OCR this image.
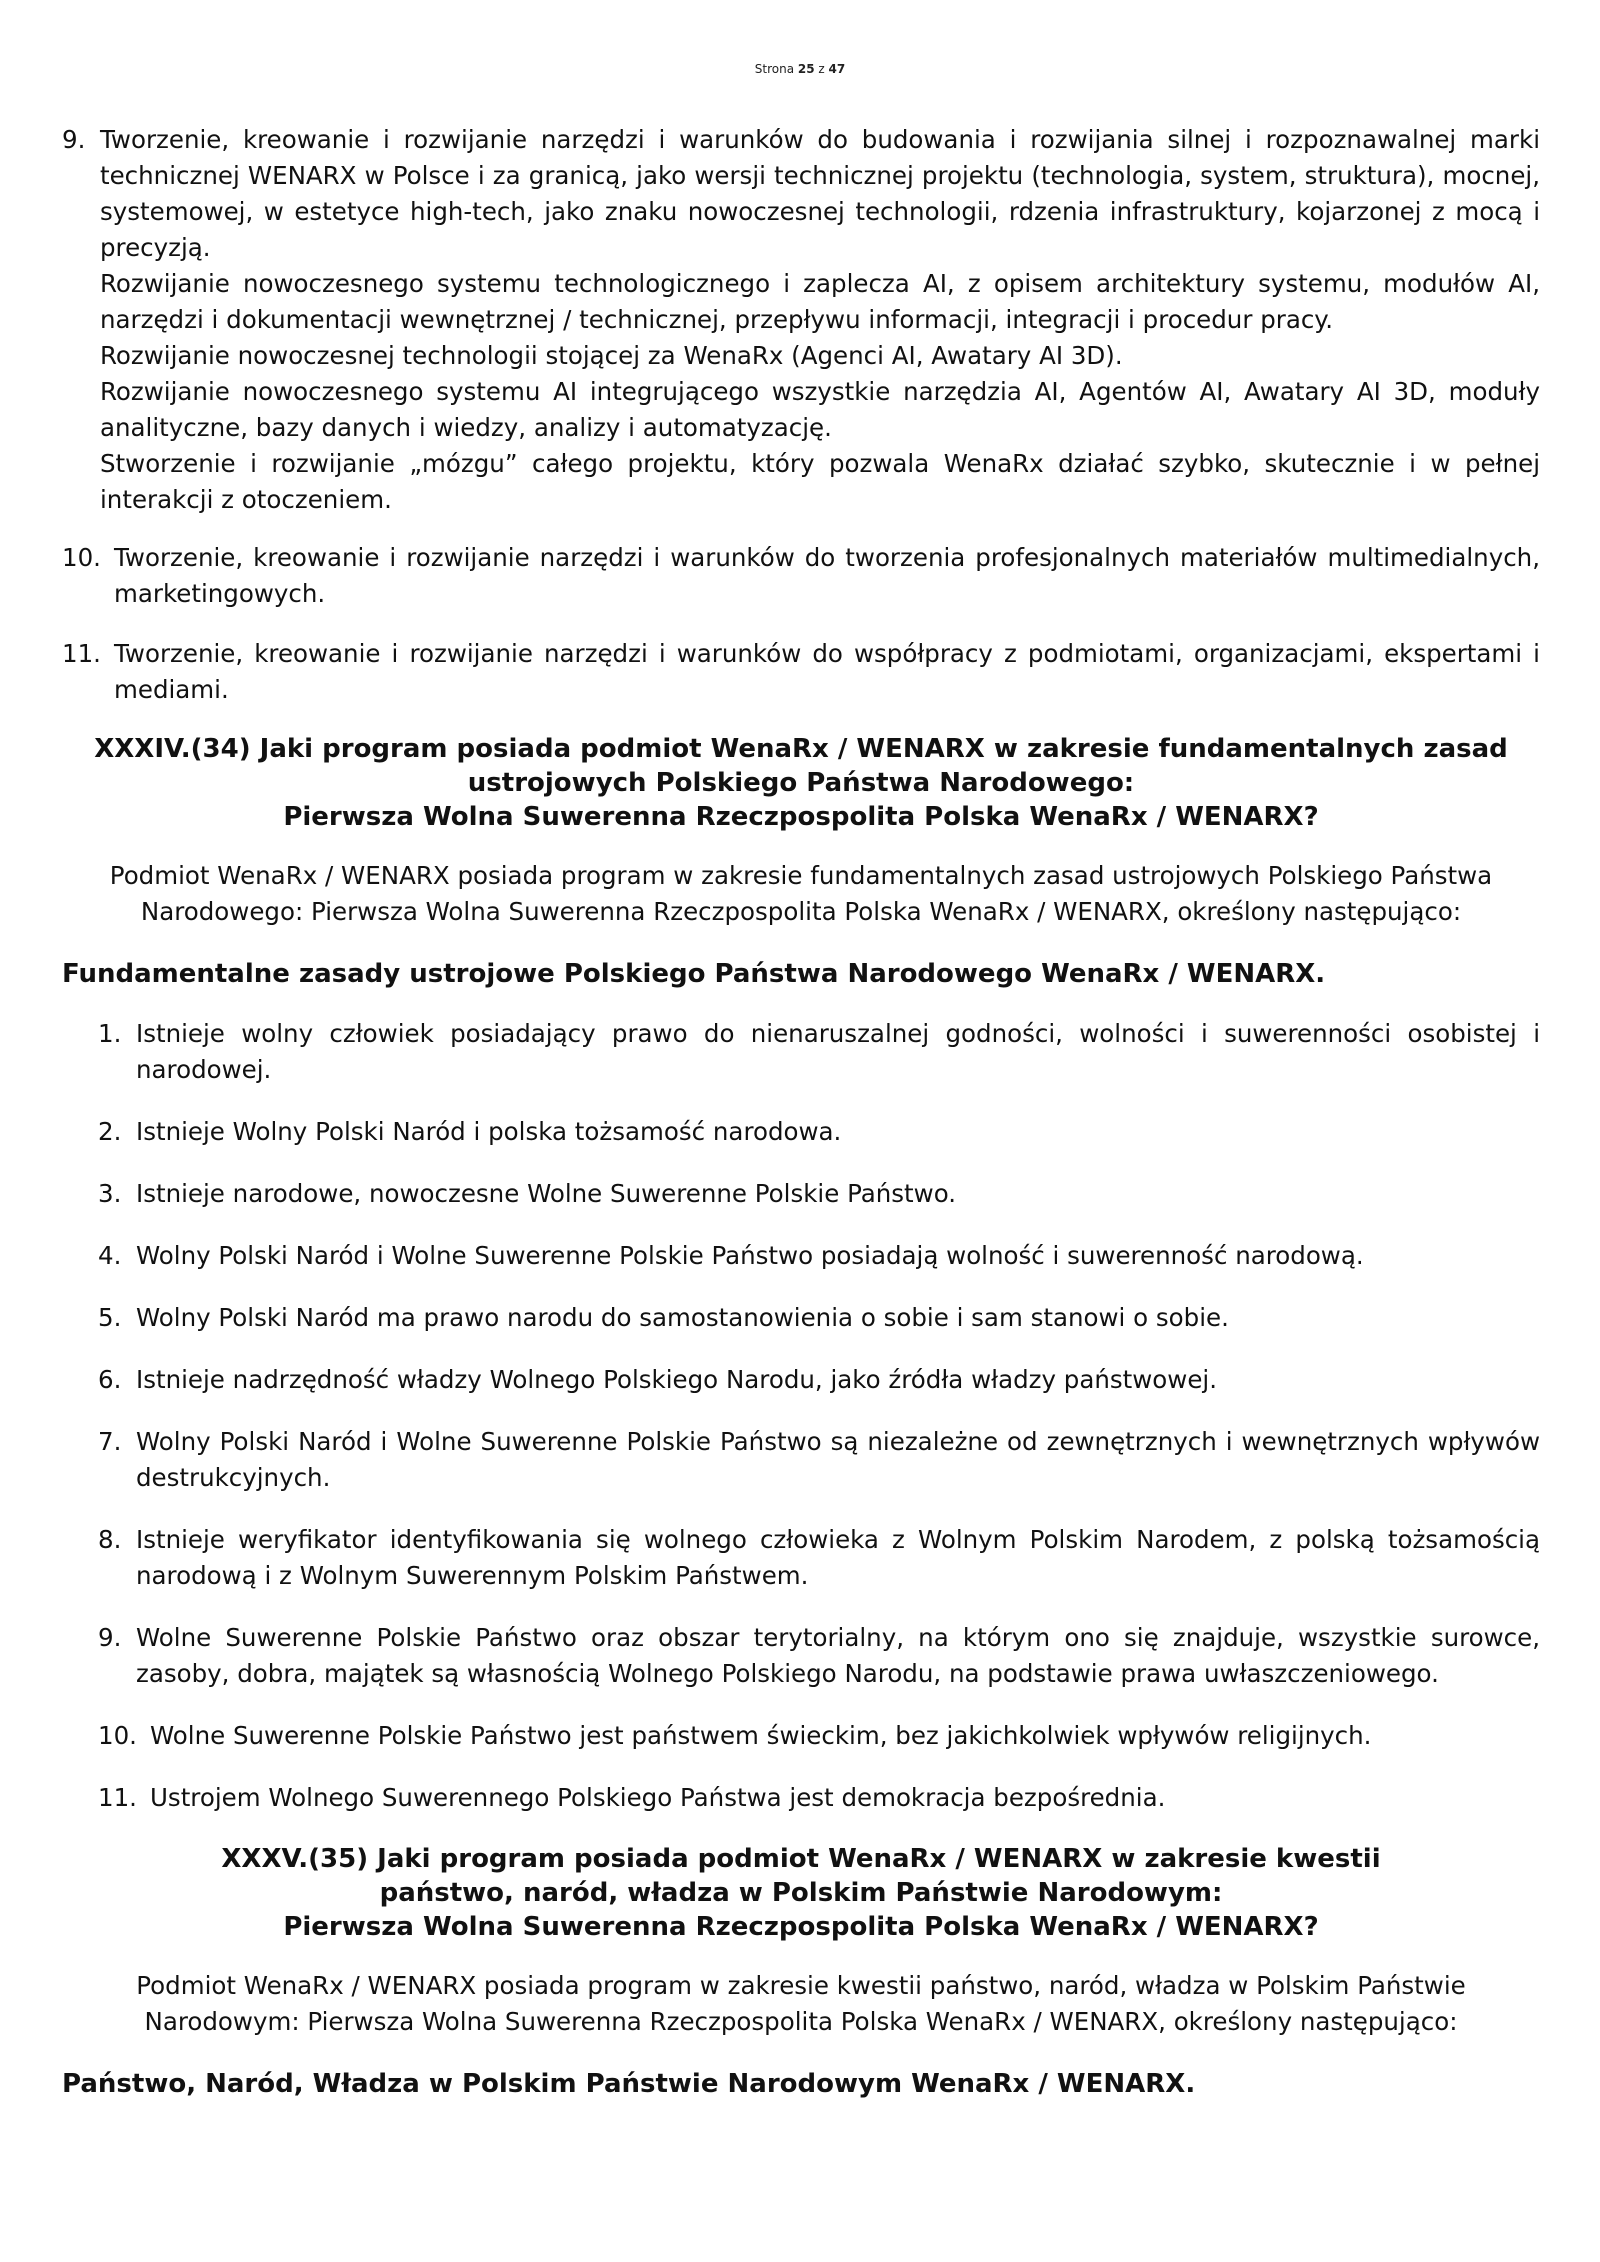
Strona 25 z 47
9. Tworzenie, kreowanie i rozwijanie narzędzi i warunków do budowania i rozwijania silnej i rozpoznawalnej marki technicznej WENARX w Polsce i za granicą, jako wersji technicznej projektu (technologia, system, struktura), mocnej, systemowej, w estetyce high-tech, jako znaku nowoczesnej technologii, rdzenia infrastruktury, kojarzonej z mocą i precyzją.

Rozwijanie nowoczesnego systemu technologicznego i zaplecza AI, z opisem architektury systemu, modułów AI, narzędzi i dokumentacji wewnętrznej / technicznej, przepływu informacji, integracji i procedur pracy.

Rozwijanie nowoczesnej technologii stojącej za WenaRx (Agenci AI, Awatary AI 3D).

Rozwijanie nowoczesnego systemu AI integrującego wszystkie narzędzia AI, Agentów AI, Awatary AI 3D, moduły analityczne, bazy danych i wiedzy, analizy i automatyzację.

Stworzenie i rozwijanie „mózgu” całego projektu, który pozwala WenaRx działać szybko, skutecznie i w pełnej interakcji z otoczeniem.

10. Tworzenie, kreowanie i rozwijanie narzędzi i warunków do tworzenia profesjonalnych materiałów multimedialnych, marketingowych.

11. Tworzenie, kreowanie i rozwijanie narzędzi i warunków do współpracy z podmiotami, organizacjami, ekspertami i mediami.

XXXIV.(34) Jaki program posiada podmiot WenaRx / WENARX w zakresie fundamentalnych zasad
ustrojowych Polskiego Państwa Narodowego:
Pierwsza Wolna Suwerenna Rzeczpospolita Polska WenaRx / WENARX?
Podmiot WenaRx / WENARX posiada program w zakresie fundamentalnych zasad ustrojowych Polskiego Państwa Narodowego: Pierwsza Wolna Suwerenna Rzeczpospolita Polska WenaRx / WENARX, określony następująco:
Fundamentalne zasady ustrojowe Polskiego Państwa Narodowego WenaRx / WENARX.
1. Istnieje wolny człowiek posiadający prawo do nienaruszalnej godności, wolności i suwerenności osobistej i narodowej.

2. Istnieje Wolny Polski Naród i polska tożsamość narodowa.

3. Istnieje narodowe, nowoczesne Wolne Suwerenne Polskie Państwo.

4. Wolny Polski Naród i Wolne Suwerenne Polskie Państwo posiadają wolność i suwerenność narodową.

5. Wolny Polski Naród ma prawo narodu do samostanowienia o sobie i sam stanowi o sobie.

6. Istnieje nadrzędność władzy Wolnego Polskiego Narodu, jako źródła władzy państwowej.

7. Wolny Polski Naród i Wolne Suwerenne Polskie Państwo są niezależne od zewnętrznych i wewnętrznych wpływów destrukcyjnych.

8. Istnieje weryfikator identyfikowania się wolnego człowieka z Wolnym Polskim Narodem, z polską tożsamością narodową i z Wolnym Suwerennym Polskim Państwem.

9. Wolne Suwerenne Polskie Państwo oraz obszar terytorialny, na którym ono się znajduje, wszystkie surowce, zasoby, dobra, majątek są własnością Wolnego Polskiego Narodu, na podstawie prawa uwłaszczeniowego.

10. Wolne Suwerenne Polskie Państwo jest państwem świeckim, bez jakichkolwiek wpływów religijnych.

11. Ustrojem Wolnego Suwerennego Polskiego Państwa jest demokracja bezpośrednia.

XXXV.(35) Jaki program posiada podmiot WenaRx / WENARX w zakresie kwestii
państwo, naród, władza w Polskim Państwie Narodowym:
Pierwsza Wolna Suwerenna Rzeczpospolita Polska WenaRx / WENARX?
Podmiot WenaRx / WENARX posiada program w zakresie kwestii państwo, naród, władza w Polskim Państwie Narodowym: Pierwsza Wolna Suwerenna Rzeczpospolita Polska WenaRx / WENARX, określony następująco:
Państwo, Naród, Władza w Polskim Państwie Narodowym WenaRx / WENARX.
